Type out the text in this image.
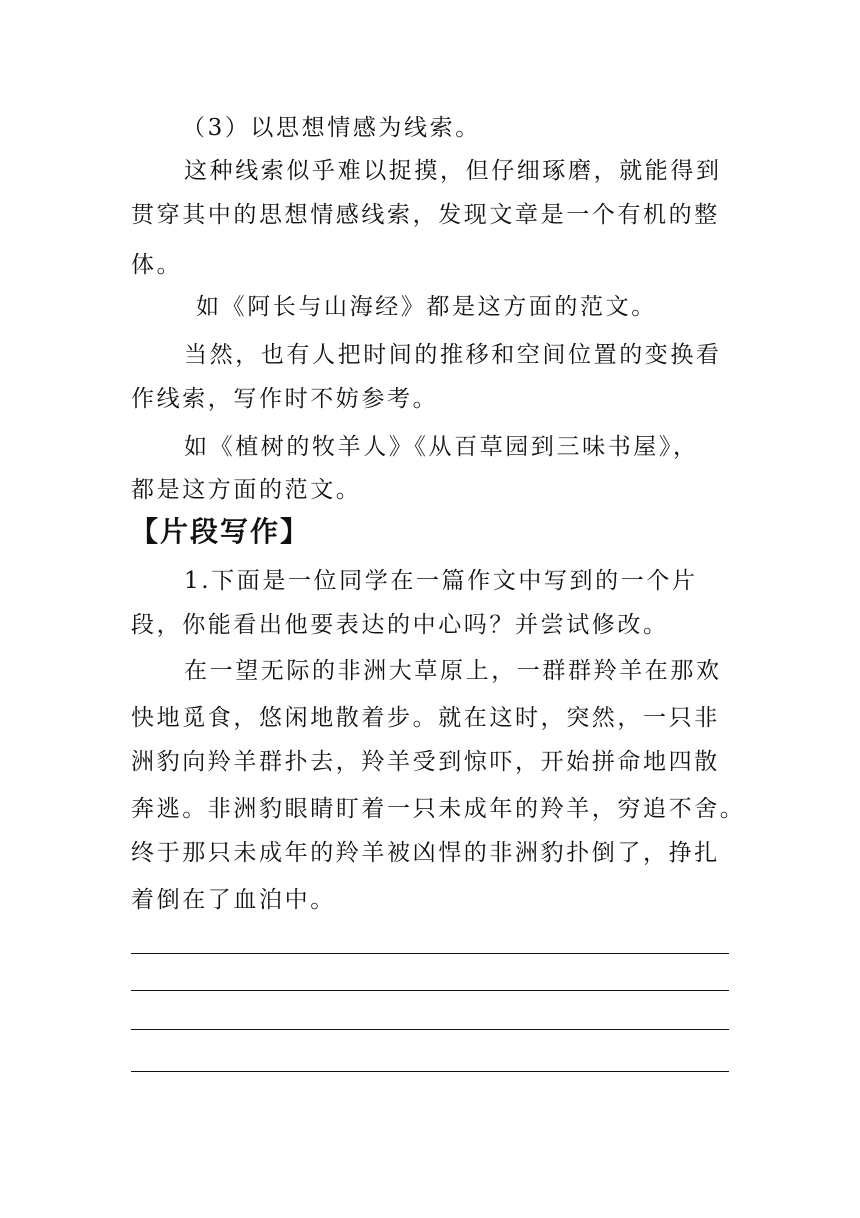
（3）以思想情感为线索。
这种线索似乎难以捉摸，但仔细琢磨，就能得到
贯穿其中的思想情感线索，发现文章是一个有机的整
体。
如《阿长与山海经》都是这方面的范文。
当然，也有人把时间的推移和空间位置的变换看
作线索，写作时不妨参考。
如《植树的牧羊人》《从百草园到三味书屋》，
都是这方面的范文。
【片段写作】
1.下面是一位同学在一篇作文中写到的一个片
段，你能看出他要表达的中心吗？并尝试修改。
在一望无际的非洲大草原上，一群群羚羊在那欢
快地觅食，悠闲地散着步。就在这时，突然，一只非
洲豹向羚羊群扑去，羚羊受到惊吓，开始拼命地四散
奔逃。非洲豹眼睛盯着一只未成年的羚羊，穷追不舍。
终于那只未成年的羚羊被凶悍的非洲豹扑倒了，挣扎
着倒在了血泊中。
